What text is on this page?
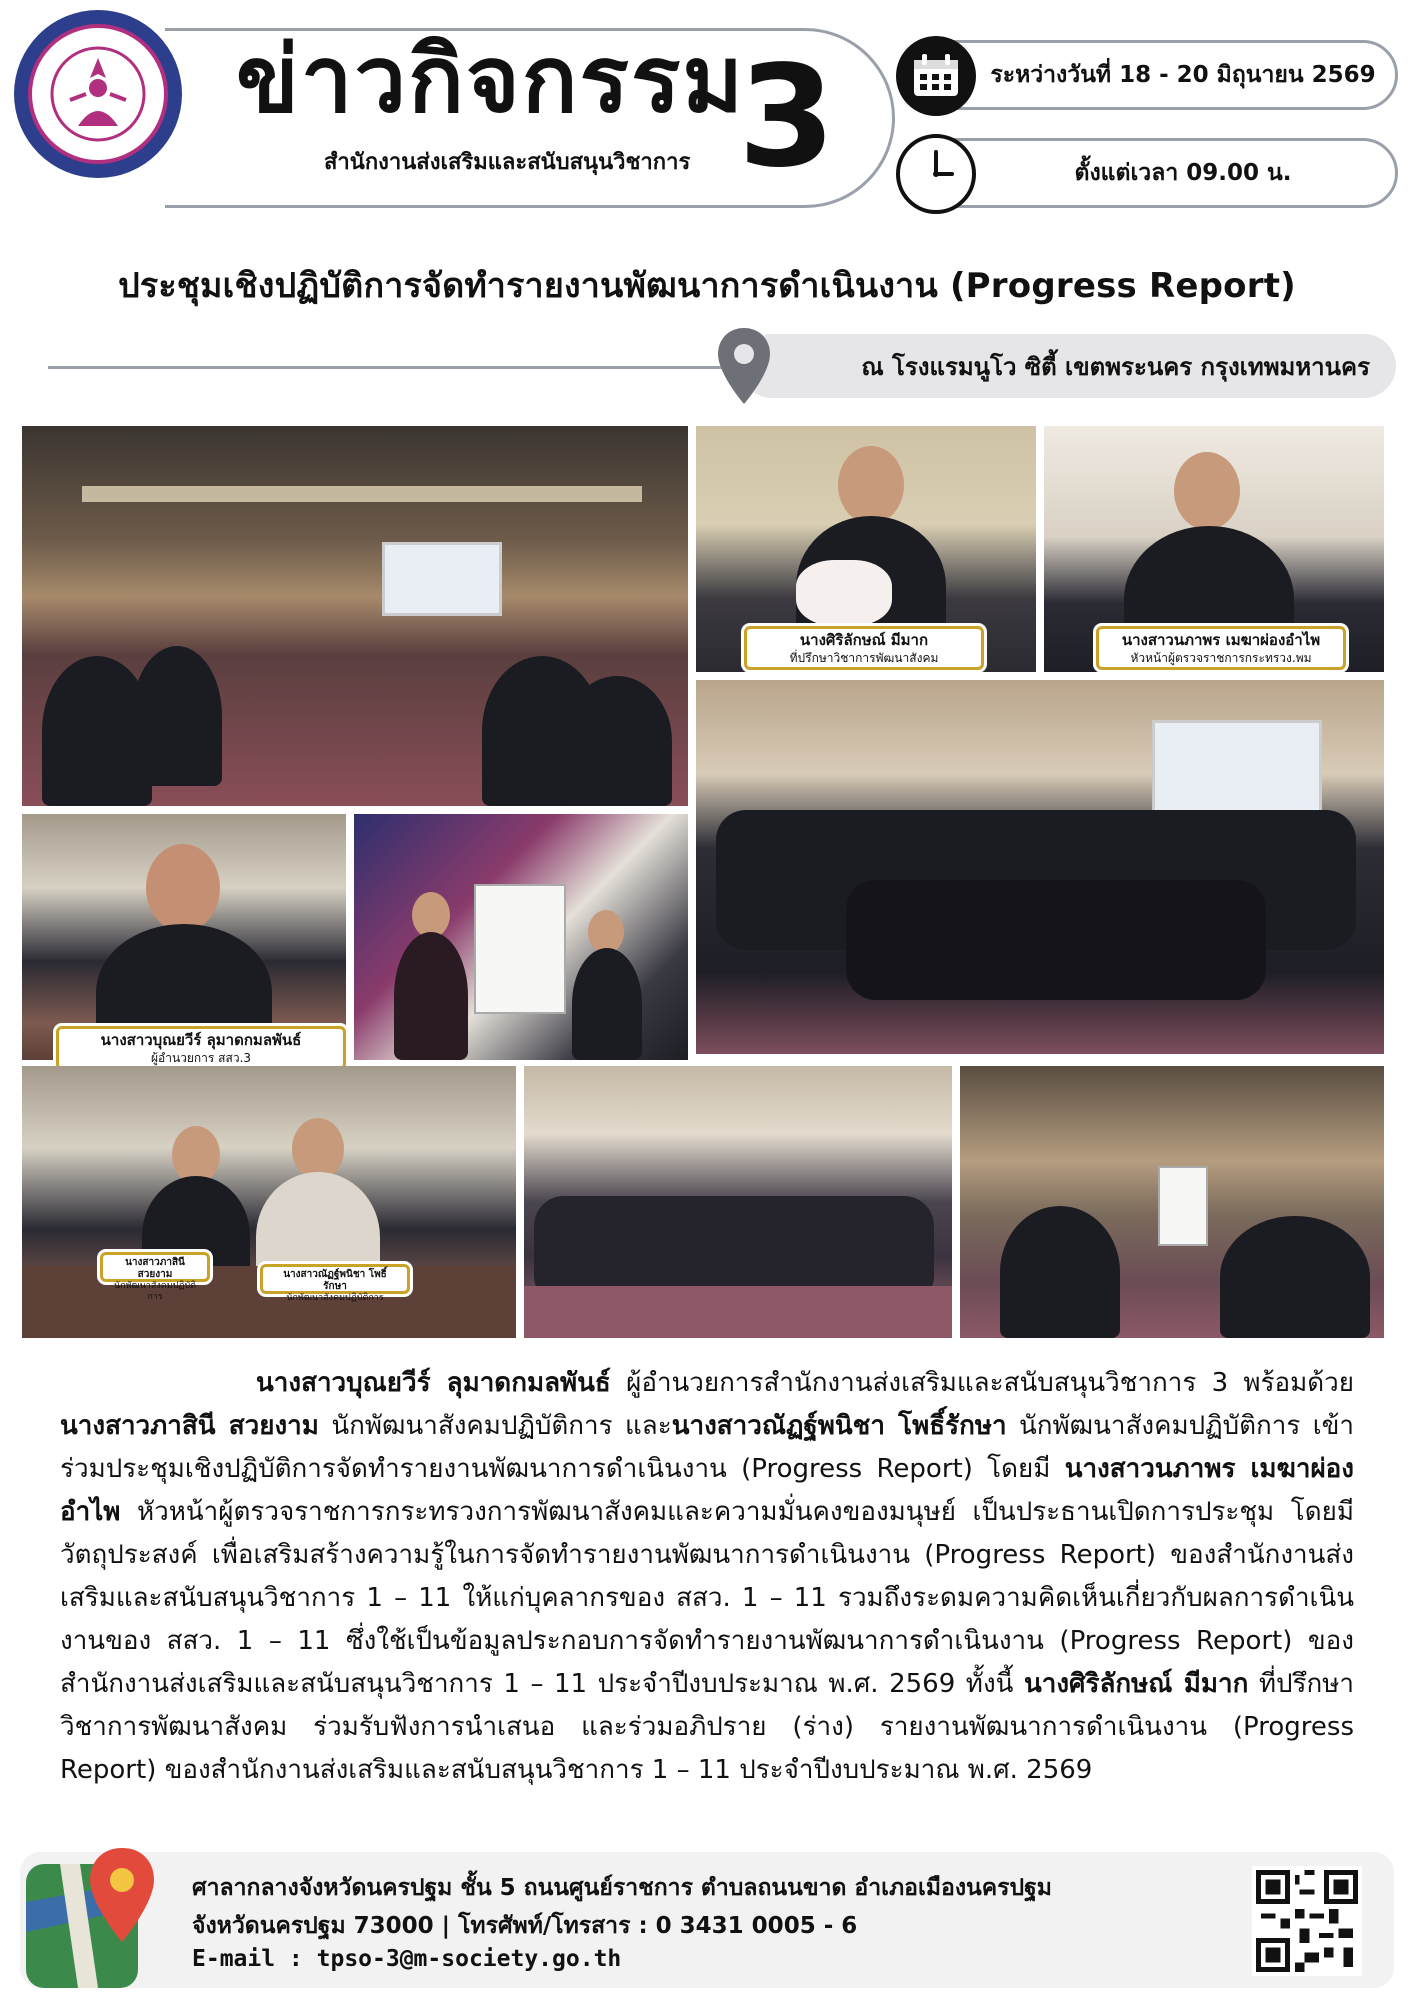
ข่าวกิจกรรม
สำนักงานส่งเสริมและสนับสนุนวิชาการ 3	ระหว่างวันที่ 18 - 20 มิถุนายน 2569
ตั้งแต่เวลา 09.00 น.
ประชุมเชิงปฏิบัติการจัดทำรายงานพัฒนาการดำเนินงาน (Progress Report)
ณ โรงแรมนูโว ซิตี้ เขตพระนคร กรุงเทพมหานคร
นางศิริลักษณ์ มีมาก
ที่ปรึกษาวิชาการพัฒนาสังคม
นางสาวนภาพร เมฆาผ่องอำไพ
หัวหน้าผู้ตรวจราชการกระทรวง.พม
นางสาวบุณยวีร์ ลุมาดกมลพันธ์
ผู้อำนวยการ สสว.3
นางสาวภาสินี สวยงาม
นักพัฒนาสังคมปฏิบัติการ
นางสาวณัฏฐ์พนิชา โพธิ์รักษา
นักพัฒนาสังคมปฏิบัติการ
นางสาวบุณยวีร์ ลุมาดกมลพันธ์ ผู้อำนวยการสำนักงานส่งเสริมและสนับสนุนวิชาการ 3 พร้อมด้วย นางสาวภาสินี สวยงาม นักพัฒนาสังคมปฏิบัติการ และนางสาวณัฏฐ์พนิชา โพธิ์รักษา นักพัฒนาสังคมปฏิบัติการ เข้าร่วมประชุมเชิงปฏิบัติการจัดทำรายงานพัฒนาการดำเนินงาน (Progress Report) โดยมี นางสาวนภาพร เมฆาผ่องอำไพ หัวหน้าผู้ตรวจราชการกระทรวงการพัฒนาสังคมและความมั่นคงของมนุษย์ เป็นประธานเปิดการประชุม โดยมีวัตถุประสงค์ เพื่อเสริมสร้างความรู้ในการจัดทำรายงานพัฒนาการดำเนินงาน (Progress Report) ของสำนักงานส่งเสริมและสนับสนุนวิชาการ 1 – 11 ให้แก่บุคลากรของ สสว. 1 – 11 รวมถึงระดมความคิดเห็นเกี่ยวกับผลการดำเนินงานของ สสว. 1 – 11 ซึ่งใช้เป็นข้อมูลประกอบการจัดทำรายงานพัฒนาการดำเนินงาน (Progress Report) ของสำนักงานส่งเสริมและสนับสนุนวิชาการ 1 – 11 ประจำปีงบประมาณ พ.ศ. 2569 ทั้งนี้ นางศิริลักษณ์ มีมาก ที่ปรึกษาวิชาการพัฒนาสังคม ร่วมรับฟังการนำเสนอ และร่วมอภิปราย (ร่าง) รายงานพัฒนาการดำเนินงาน (Progress Report) ของสำนักงานส่งเสริมและสนับสนุนวิชาการ 1 – 11 ประจำปีงบประมาณ พ.ศ. 2569
ศาลากลางจังหวัดนครปฐม ชั้น 5 ถนนศูนย์ราชการ ตำบลถนนขาด อำเภอเมืองนครปฐม
จังหวัดนครปฐม 73000 | โทรศัพท์/โทรสาร : 0 3431 0005 - 6
E-mail : tpso-3@m-society.go.th
